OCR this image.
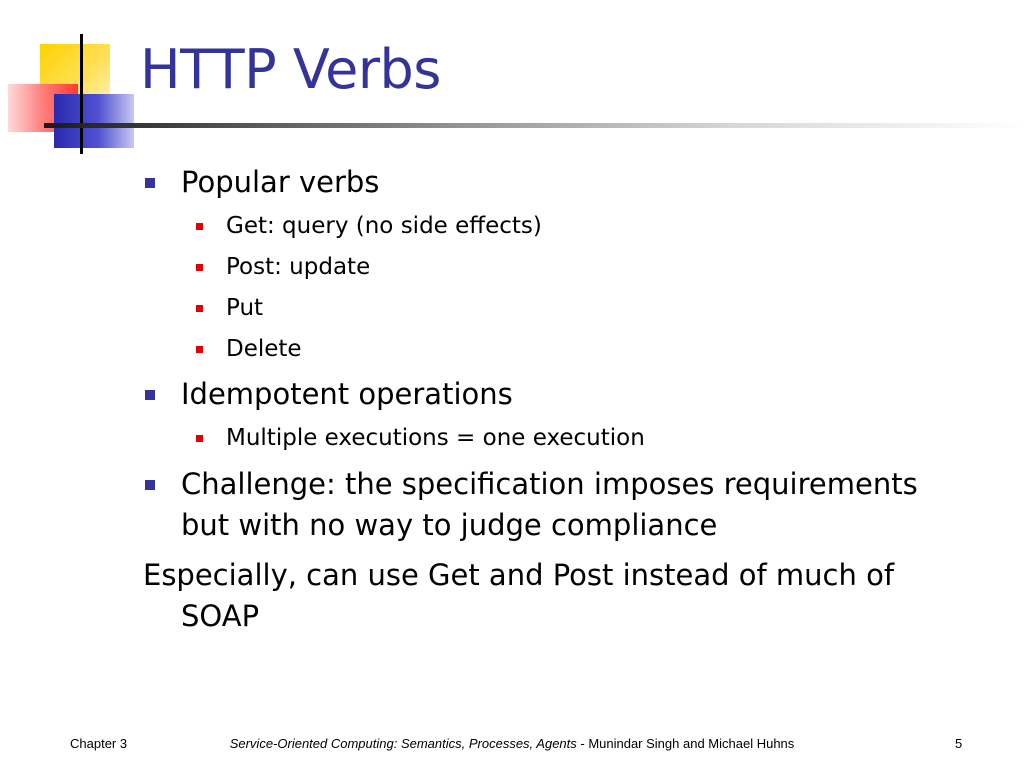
HTTP Verbs
Popular verbs
Get: query (no side effects)
Post: update
Put
Delete
Idempotent operations
Multiple executions = one execution
Challenge: the specification imposes requirements
but with no way to judge compliance
Especially, can use Get and Post instead of much of
SOAP
Chapter 3	Service-Oriented Computing: Semantics, Processes, Agents - Munindar Singh and Michael Huhns	5
